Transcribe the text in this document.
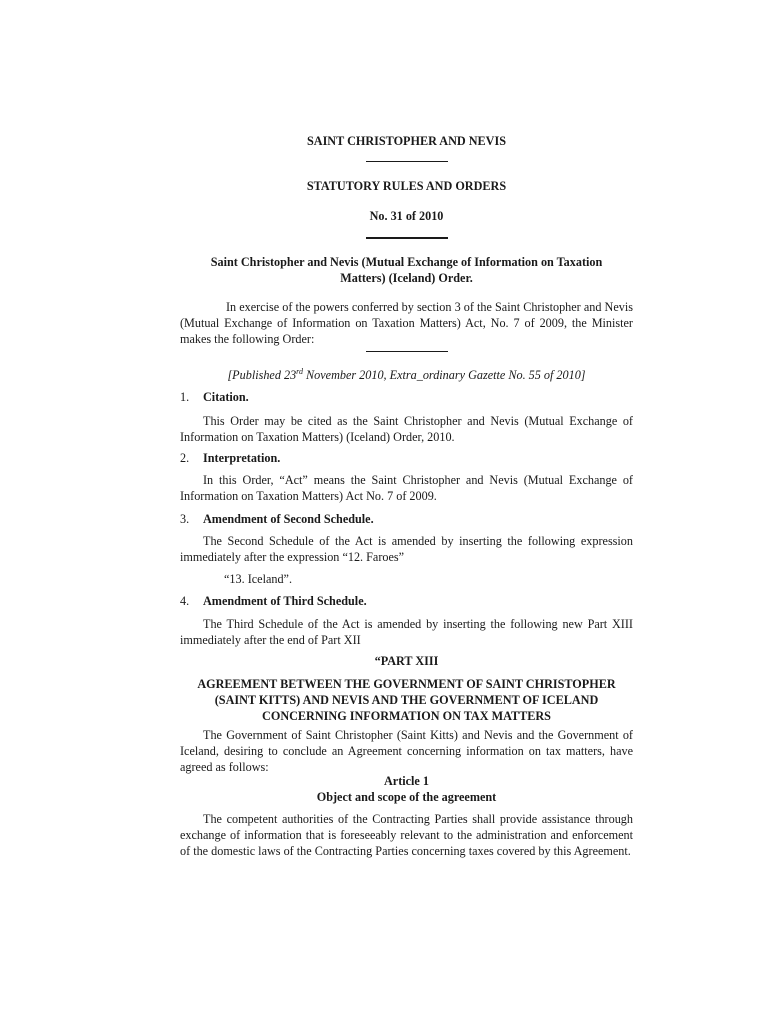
SAINT CHRISTOPHER AND NEVIS
STATUTORY RULES AND ORDERS
No. 31 of 2010
Saint Christopher and Nevis (Mutual Exchange of Information on Taxation Matters) (Iceland) Order.
In exercise of the powers conferred by section 3 of the Saint Christopher and Nevis (Mutual Exchange of Information on Taxation Matters) Act, No. 7 of 2009, the Minister makes the following Order:
[Published 23rd November 2010, Extra_ordinary Gazette No. 55 of 2010]
1.	Citation.
This Order may be cited as the Saint Christopher and Nevis (Mutual Exchange of Information on Taxation Matters) (Iceland) Order, 2010.
2.	Interpretation.
In this Order, “Act” means the Saint Christopher and Nevis (Mutual Exchange of Information on Taxation Matters) Act No. 7 of 2009.
3.	Amendment of Second Schedule.
The Second Schedule of the Act is amended by inserting the following expression immediately after the expression “12. Faroes”
“13. Iceland”.
4.	Amendment of Third Schedule.
The Third Schedule of the Act is amended by inserting the following new Part XIII immediately after the end of Part XII
“PART XIII
AGREEMENT BETWEEN THE GOVERNMENT OF SAINT CHRISTOPHER (SAINT KITTS) AND NEVIS AND THE GOVERNMENT OF ICELAND CONCERNING INFORMATION ON TAX MATTERS
The Government of Saint Christopher (Saint Kitts) and Nevis and the Government of Iceland, desiring to conclude an Agreement concerning information on tax matters, have agreed as follows:
Article 1
Object and scope of the agreement
The competent authorities of the Contracting Parties shall provide assistance through exchange of information that is foreseeably relevant to the administration and enforcement of the domestic laws of the Contracting Parties concerning taxes covered by this Agreement.
